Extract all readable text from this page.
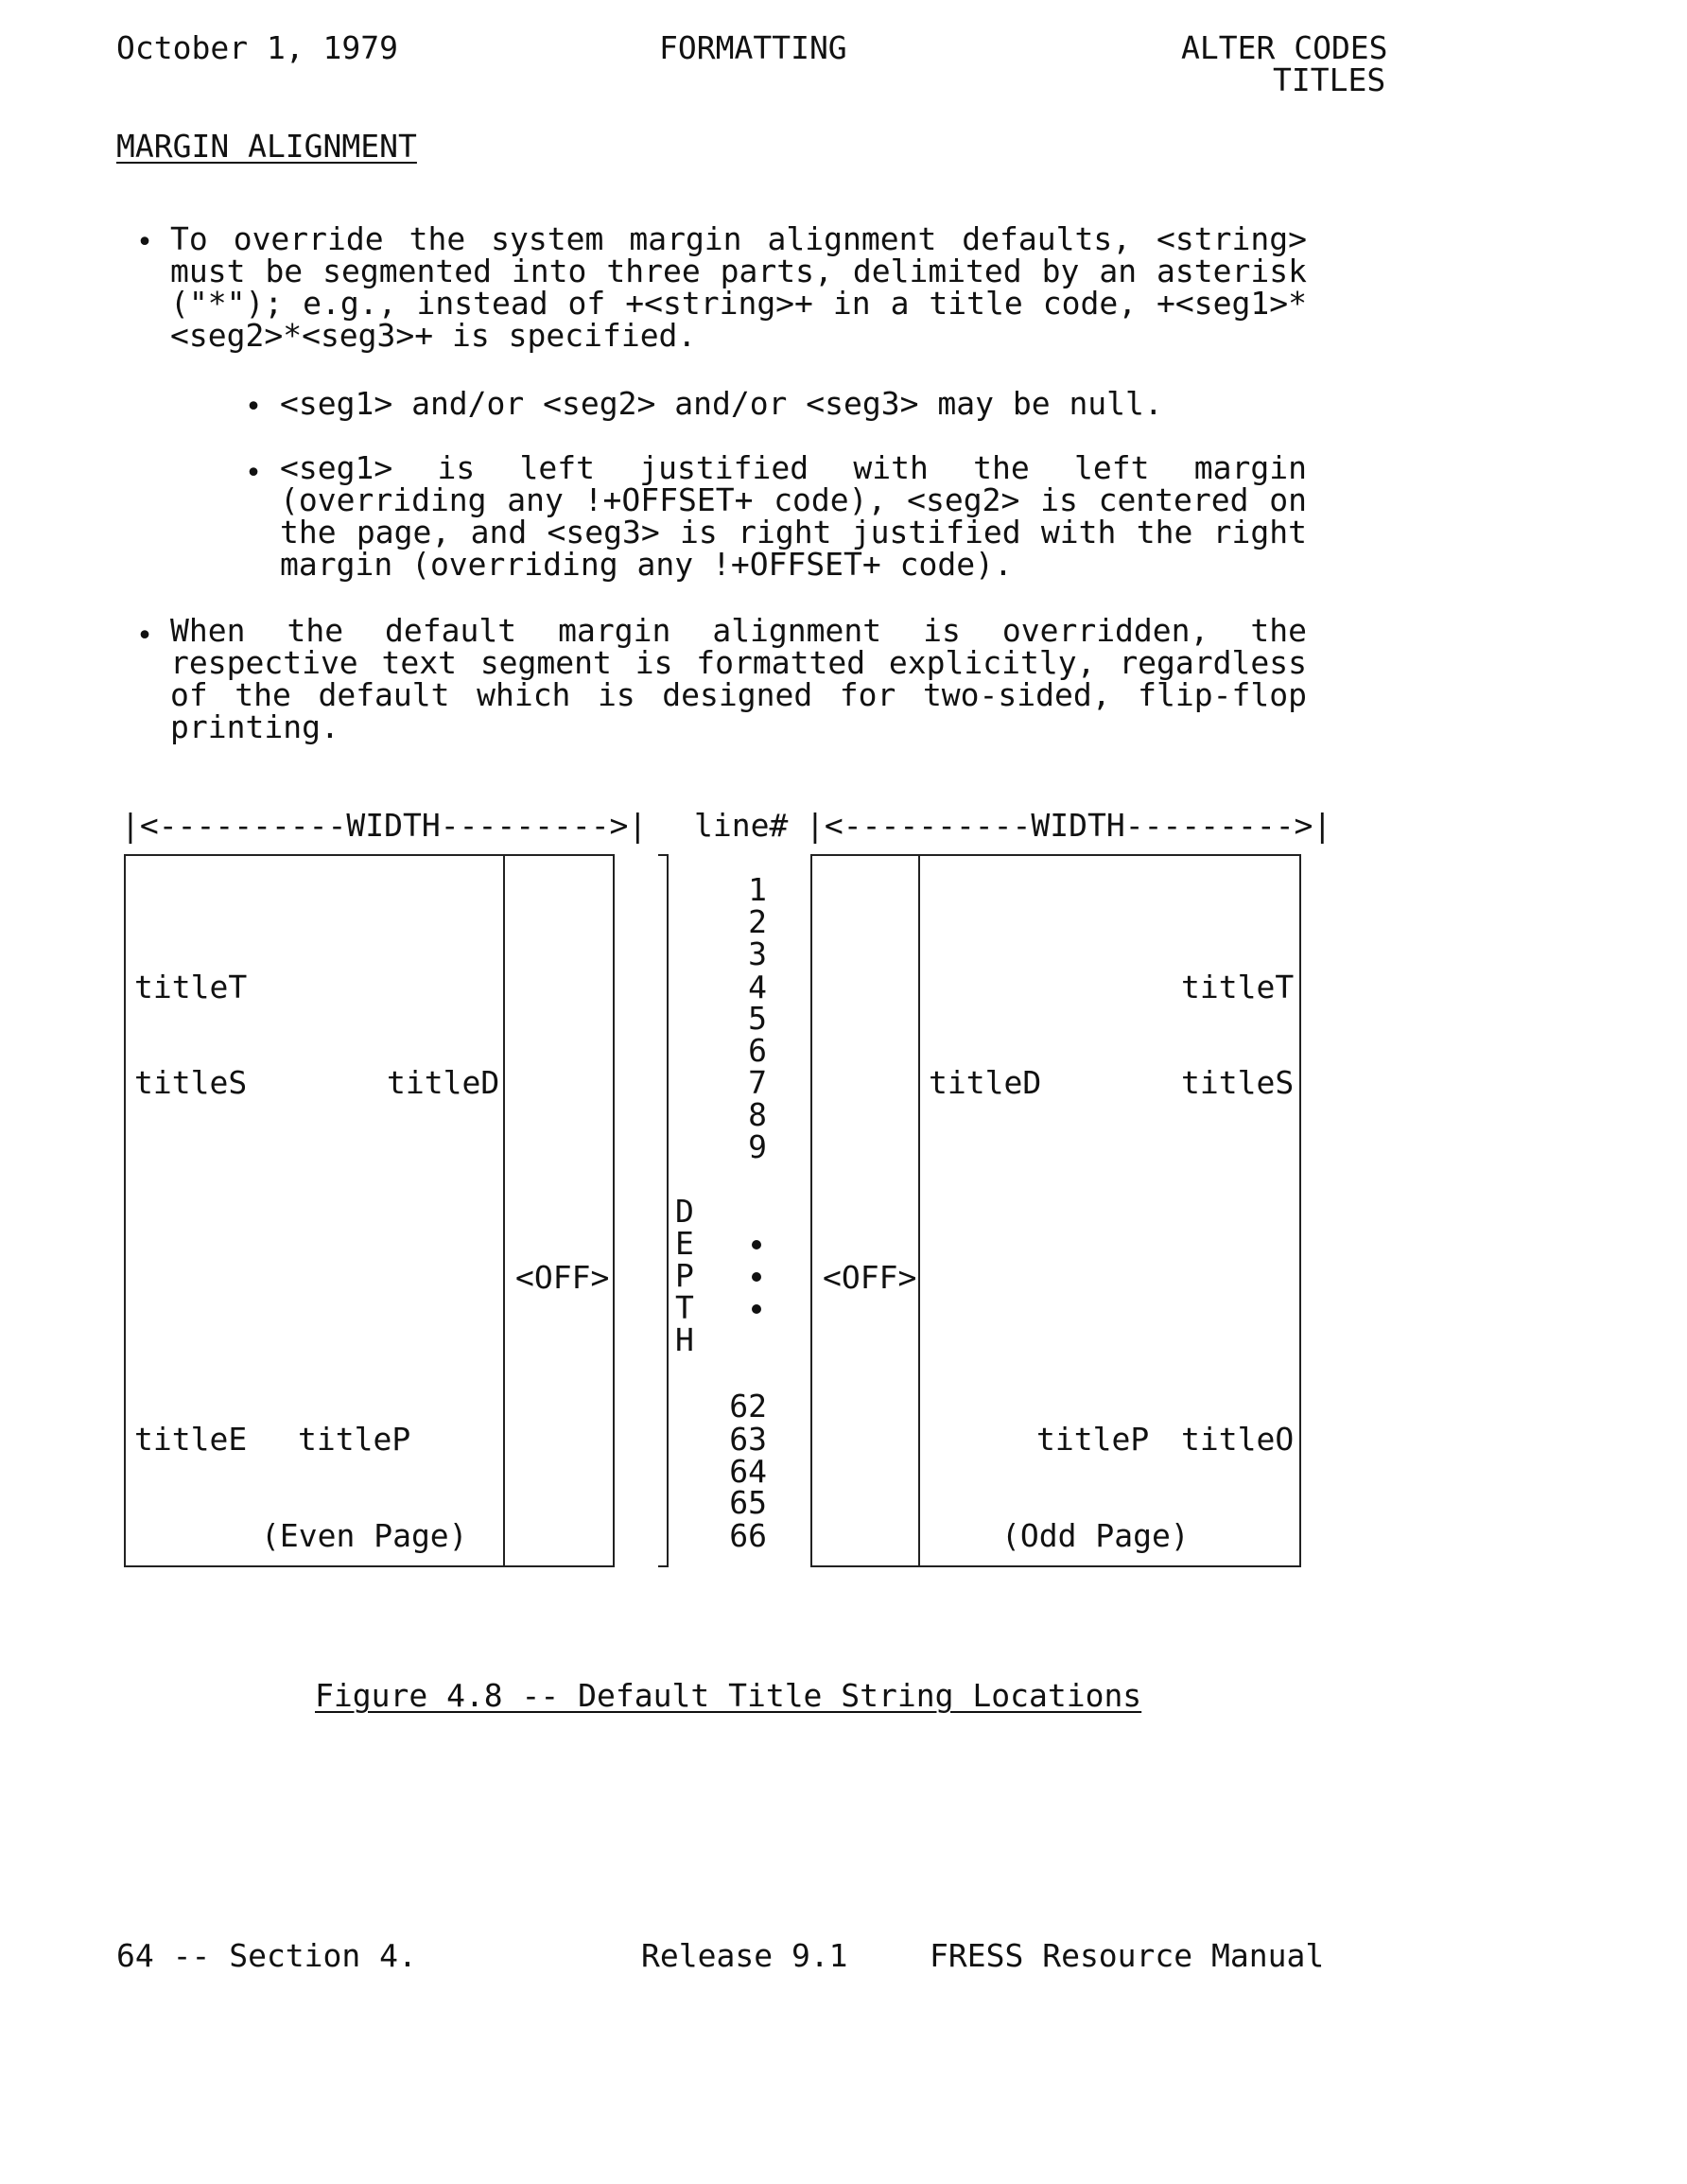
October 1, 1979	FORMATTING	ALTER CODES
TITLES
MARGIN ALIGNMENT
• To override the system margin alignment defaults, <string> must be segmented into three parts, delimited by an asterisk ("*"); e.g., instead of +<string>+ in a title code, +<seg1>*<seg2>*<seg3>+ is specified.
• <seg1> and/or <seg2> and/or <seg3> may be null.
• <seg1> is left justified with the left margin (overriding any !+OFFSET+ code), <seg2> is centered on the page, and <seg3> is right justified with the right margin (overriding any !+OFFSET+ code).
• When the default margin alignment is overridden, the respective text segment is formatted explicitly, regardless of the default which is designed for two-sided, flip-flop printing.
|<----------WIDTH--------->| line# |<----------WIDTH--------->|
1
2
3
4
5
6
7
8
9
62
63
64
65
66
D
E
P
T
H
<OFF>	<OFF>
titleT
titleS	titleD
titleE titleP
(Even Page)
titleT
titleD	titleS
titleP titleO
(Odd Page)
Figure 4.8 -- Default Title String Locations
64 -- Section 4.	Release 9.1	FRESS Resource Manual
